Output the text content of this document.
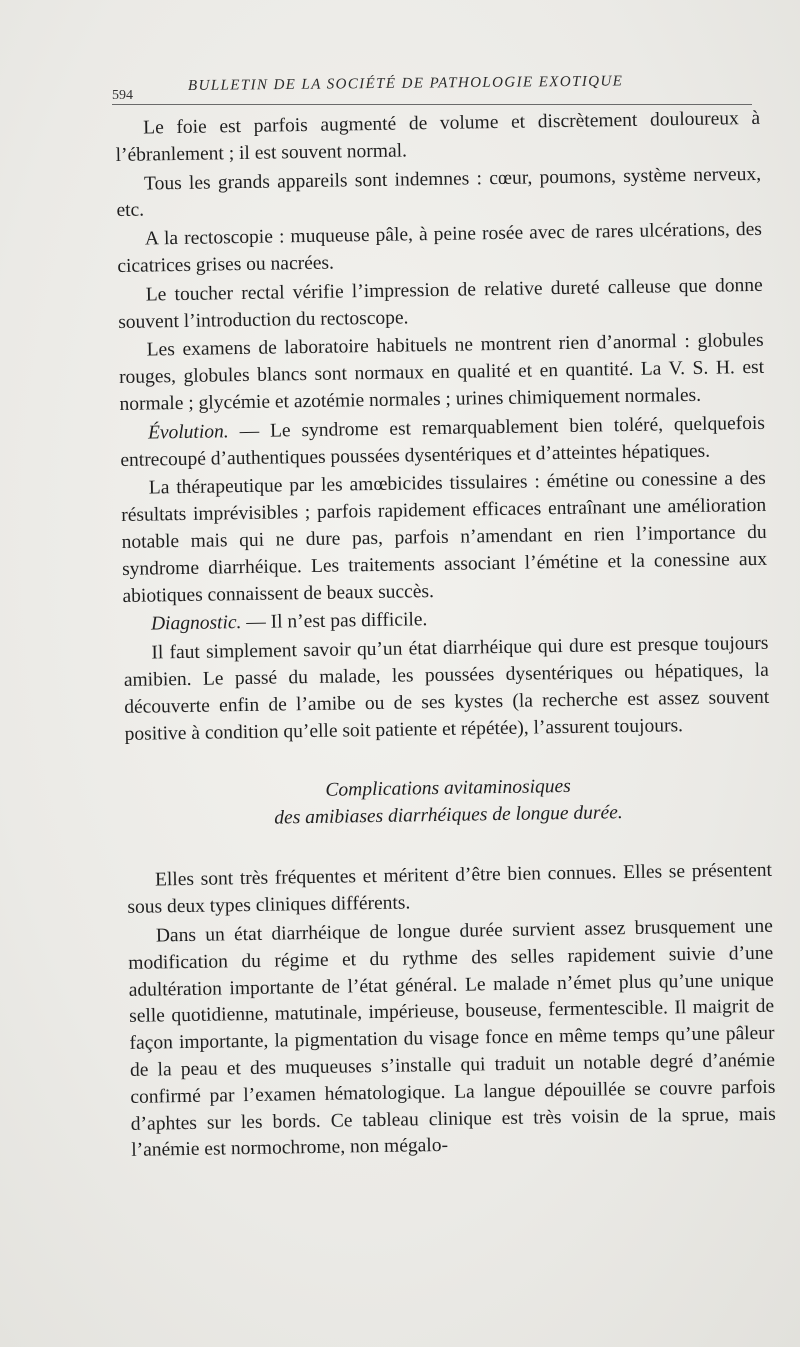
594
BULLETIN DE LA SOCIÉTÉ DE PATHOLOGIE EXOTIQUE

Le foie est parfois augmenté de volume et discrètement douloureux à l’ébranlement ; il est souvent normal.

Tous les grands appareils sont indemnes : cœur, poumons, système nerveux, etc.

A la rectoscopie : muqueuse pâle, à peine rosée avec de rares ulcérations, des cicatrices grises ou nacrées.

Le toucher rectal vérifie l’impression de relative dureté calleuse que donne souvent l’introduction du rectoscope.

Les examens de laboratoire habituels ne montrent rien d’anormal : globules rouges, globules blancs sont normaux en qualité et en quantité. La V. S. H. est normale ; glycémie et azotémie normales ; urines chimiquement normales.

Évolution. — Le syndrome est remarquablement bien toléré, quelquefois entrecoupé d’authentiques poussées dysentériques et d’atteintes hépatiques.

La thérapeutique par les amœbicides tissulaires : émétine ou conessine a des résultats imprévisibles ; parfois rapidement efficaces entraînant une amélioration notable mais qui ne dure pas, parfois n’amendant en rien l’importance du syndrome diarrhéique. Les traitements associant l’émétine et la conessine aux abiotiques connaissent de beaux succès.

Diagnostic. — Il n’est pas difficile.

Il faut simplement savoir qu’un état diarrhéique qui dure est presque toujours amibien. Le passé du malade, les poussées dysentériques ou hépatiques, la découverte enfin de l’amibe ou de ses kystes (la recherche est assez souvent positive à condition qu’elle soit patiente et répétée), l’assurent toujours.

Complications avitaminosiques
des amibiases diarrhéiques de longue durée.

Elles sont très fréquentes et méritent d’être bien connues. Elles se présentent sous deux types cliniques différents.

Dans un état diarrhéique de longue durée survient assez brusquement une modification du régime et du rythme des selles rapidement suivie d’une adultération importante de l’état général. Le malade n’émet plus qu’une unique selle quotidienne, matutinale, impérieuse, bouseuse, fermentescible. Il maigrit de façon importante, la pigmentation du visage fonce en même temps qu’une pâleur de la peau et des muqueuses s’installe qui traduit un notable degré d’anémie confirmé par l’examen hématologique. La langue dépouillée se couvre parfois d’aphtes sur les bords. Ce tableau clinique est très voisin de la sprue, mais l’anémie est normochrome, non mégalo-
